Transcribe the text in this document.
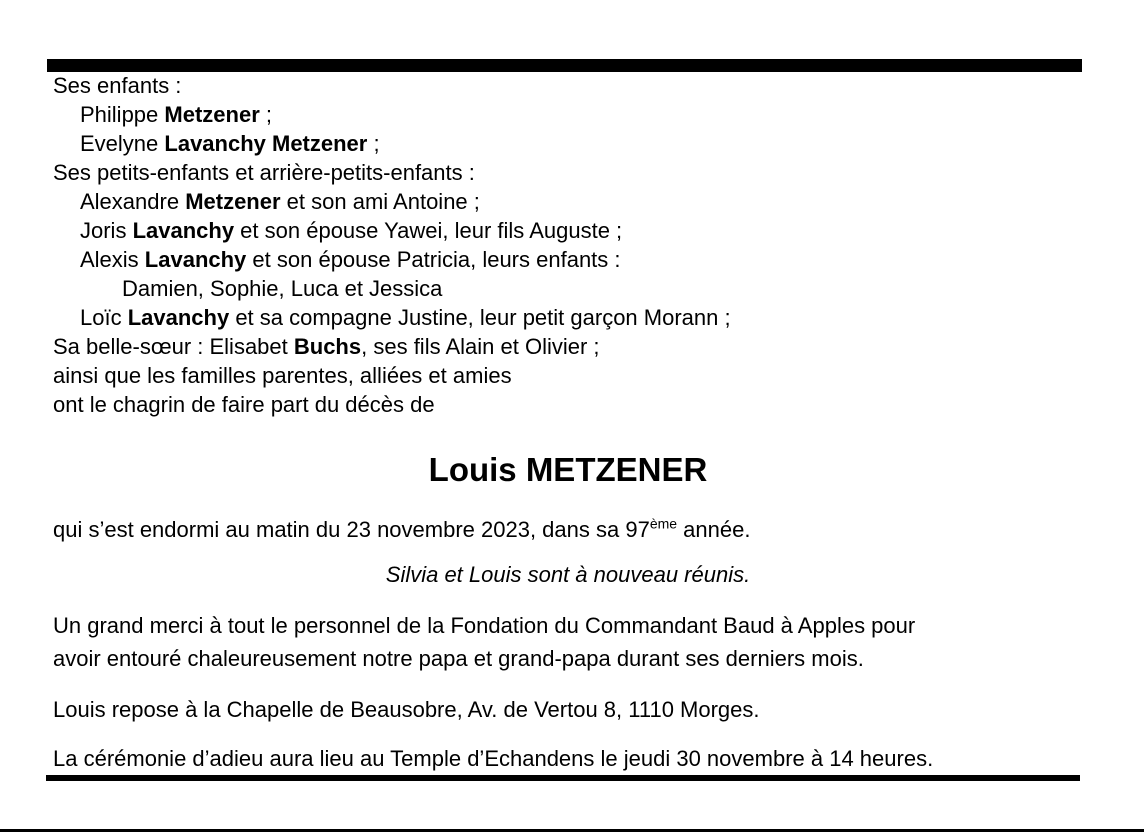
Ses enfants :
Philippe Metzener ;
Evelyne Lavanchy Metzener ;
Ses petits-enfants et arrière-petits-enfants :
Alexandre Metzener et son ami Antoine ;
Joris Lavanchy et son épouse Yawei, leur fils Auguste ;
Alexis Lavanchy et son épouse Patricia, leurs enfants :
Damien, Sophie, Luca et Jessica
Loïc Lavanchy et sa compagne Justine, leur petit garçon Morann ;
Sa belle-sœur : Elisabet Buchs, ses fils Alain et Olivier ;
ainsi que les familles parentes, alliées et amies
ont le chagrin de faire part du décès de
Louis METZENER
qui s’est endormi au matin du 23 novembre 2023, dans sa 97ème année.
Silvia et Louis sont à nouveau réunis.
Un grand merci à tout le personnel de la Fondation du Commandant Baud à Apples pour
avoir entouré chaleureusement notre papa et grand-papa durant ses derniers mois.
Louis repose à la Chapelle de Beausobre, Av. de Vertou 8, 1110 Morges.
La cérémonie d’adieu aura lieu au Temple d’Echandens le jeudi 30 novembre à 14 heures.
